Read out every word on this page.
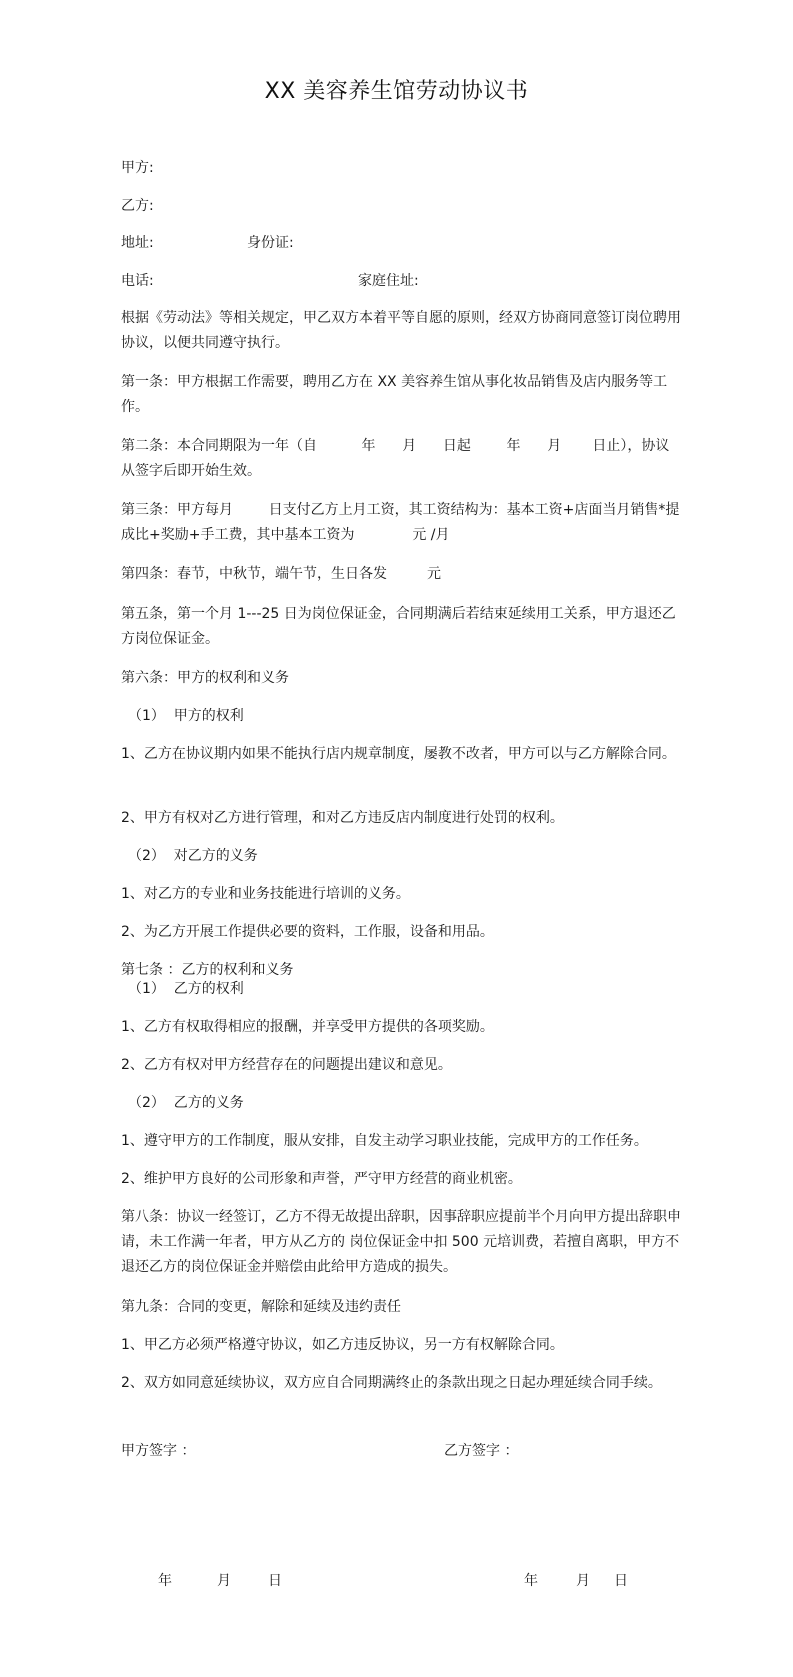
XX 美容养生馆劳动协议书
甲方:
乙方:
地址:	身份证:
电话:	家庭住址:
根据《劳动法》等相关规定，甲乙双方本着平等自愿的原则，经双方协商同意签订岗位聘用协议，以便共同遵守执行。
第一条：甲方根据工作需要，聘用乙方在 XX 美容养生馆从事化妆品销售及店内服务等工作。
第二条：本合同期限为一年（自          年      月      日起        年      月       日止），协议从签字后即开始生效。
第三条：甲方每月        日支付乙方上月工资，其工资结构为：基本工资+店面当月销售*提成比+奖励+手工费，其中基本工资为             元 /月
第四条：春节，中秋节，端午节，生日各发         元
第五条，第一个月 1---25 日为岗位保证金，合同期满后若结束延续用工关系，甲方退还乙方岗位保证金。
第六条：甲方的权利和义务
（1）  甲方的权利
1、乙方在协议期内如果不能执行店内规章制度，屡教不改者，甲方可以与乙方解除合同。
2、甲方有权对乙方进行管理，和对乙方违反店内制度进行处罚的权利。
（2）  对乙方的义务
1、对乙方的专业和业务技能进行培训的义务。
2、为乙方开展工作提供必要的资料，工作服，设备和用品。
第七条 ：乙方的权利和义务
（1）  乙方的权利
1、乙方有权取得相应的报酬，并享受甲方提供的各项奖励。
2、乙方有权对甲方经营存在的问题提出建议和意见。
（2）  乙方的义务
1、遵守甲方的工作制度，服从安排，自发主动学习职业技能，完成甲方的工作任务。
2、维护甲方良好的公司形象和声誉，严守甲方经营的商业机密。
第八条：协议一经签订，乙方不得无故提出辞职，因事辞职应提前半个月向甲方提出辞职申请，未工作满一年者，甲方从乙方的 岗位保证金中扣 500 元培训费，若擅自离职，甲方不退还乙方的岗位保证金并赔偿由此给甲方造成的损失。
第九条：合同的变更，解除和延续及违约责任
1、甲乙方必须严格遵守协议，如乙方违反协议，另一方有权解除合同。
2、双方如同意延续协议，双方应自合同期满终止的条款出现之日起办理延续合同手续。
甲方签字 ：	乙方签字 ：
年	月	日	年	月 日
